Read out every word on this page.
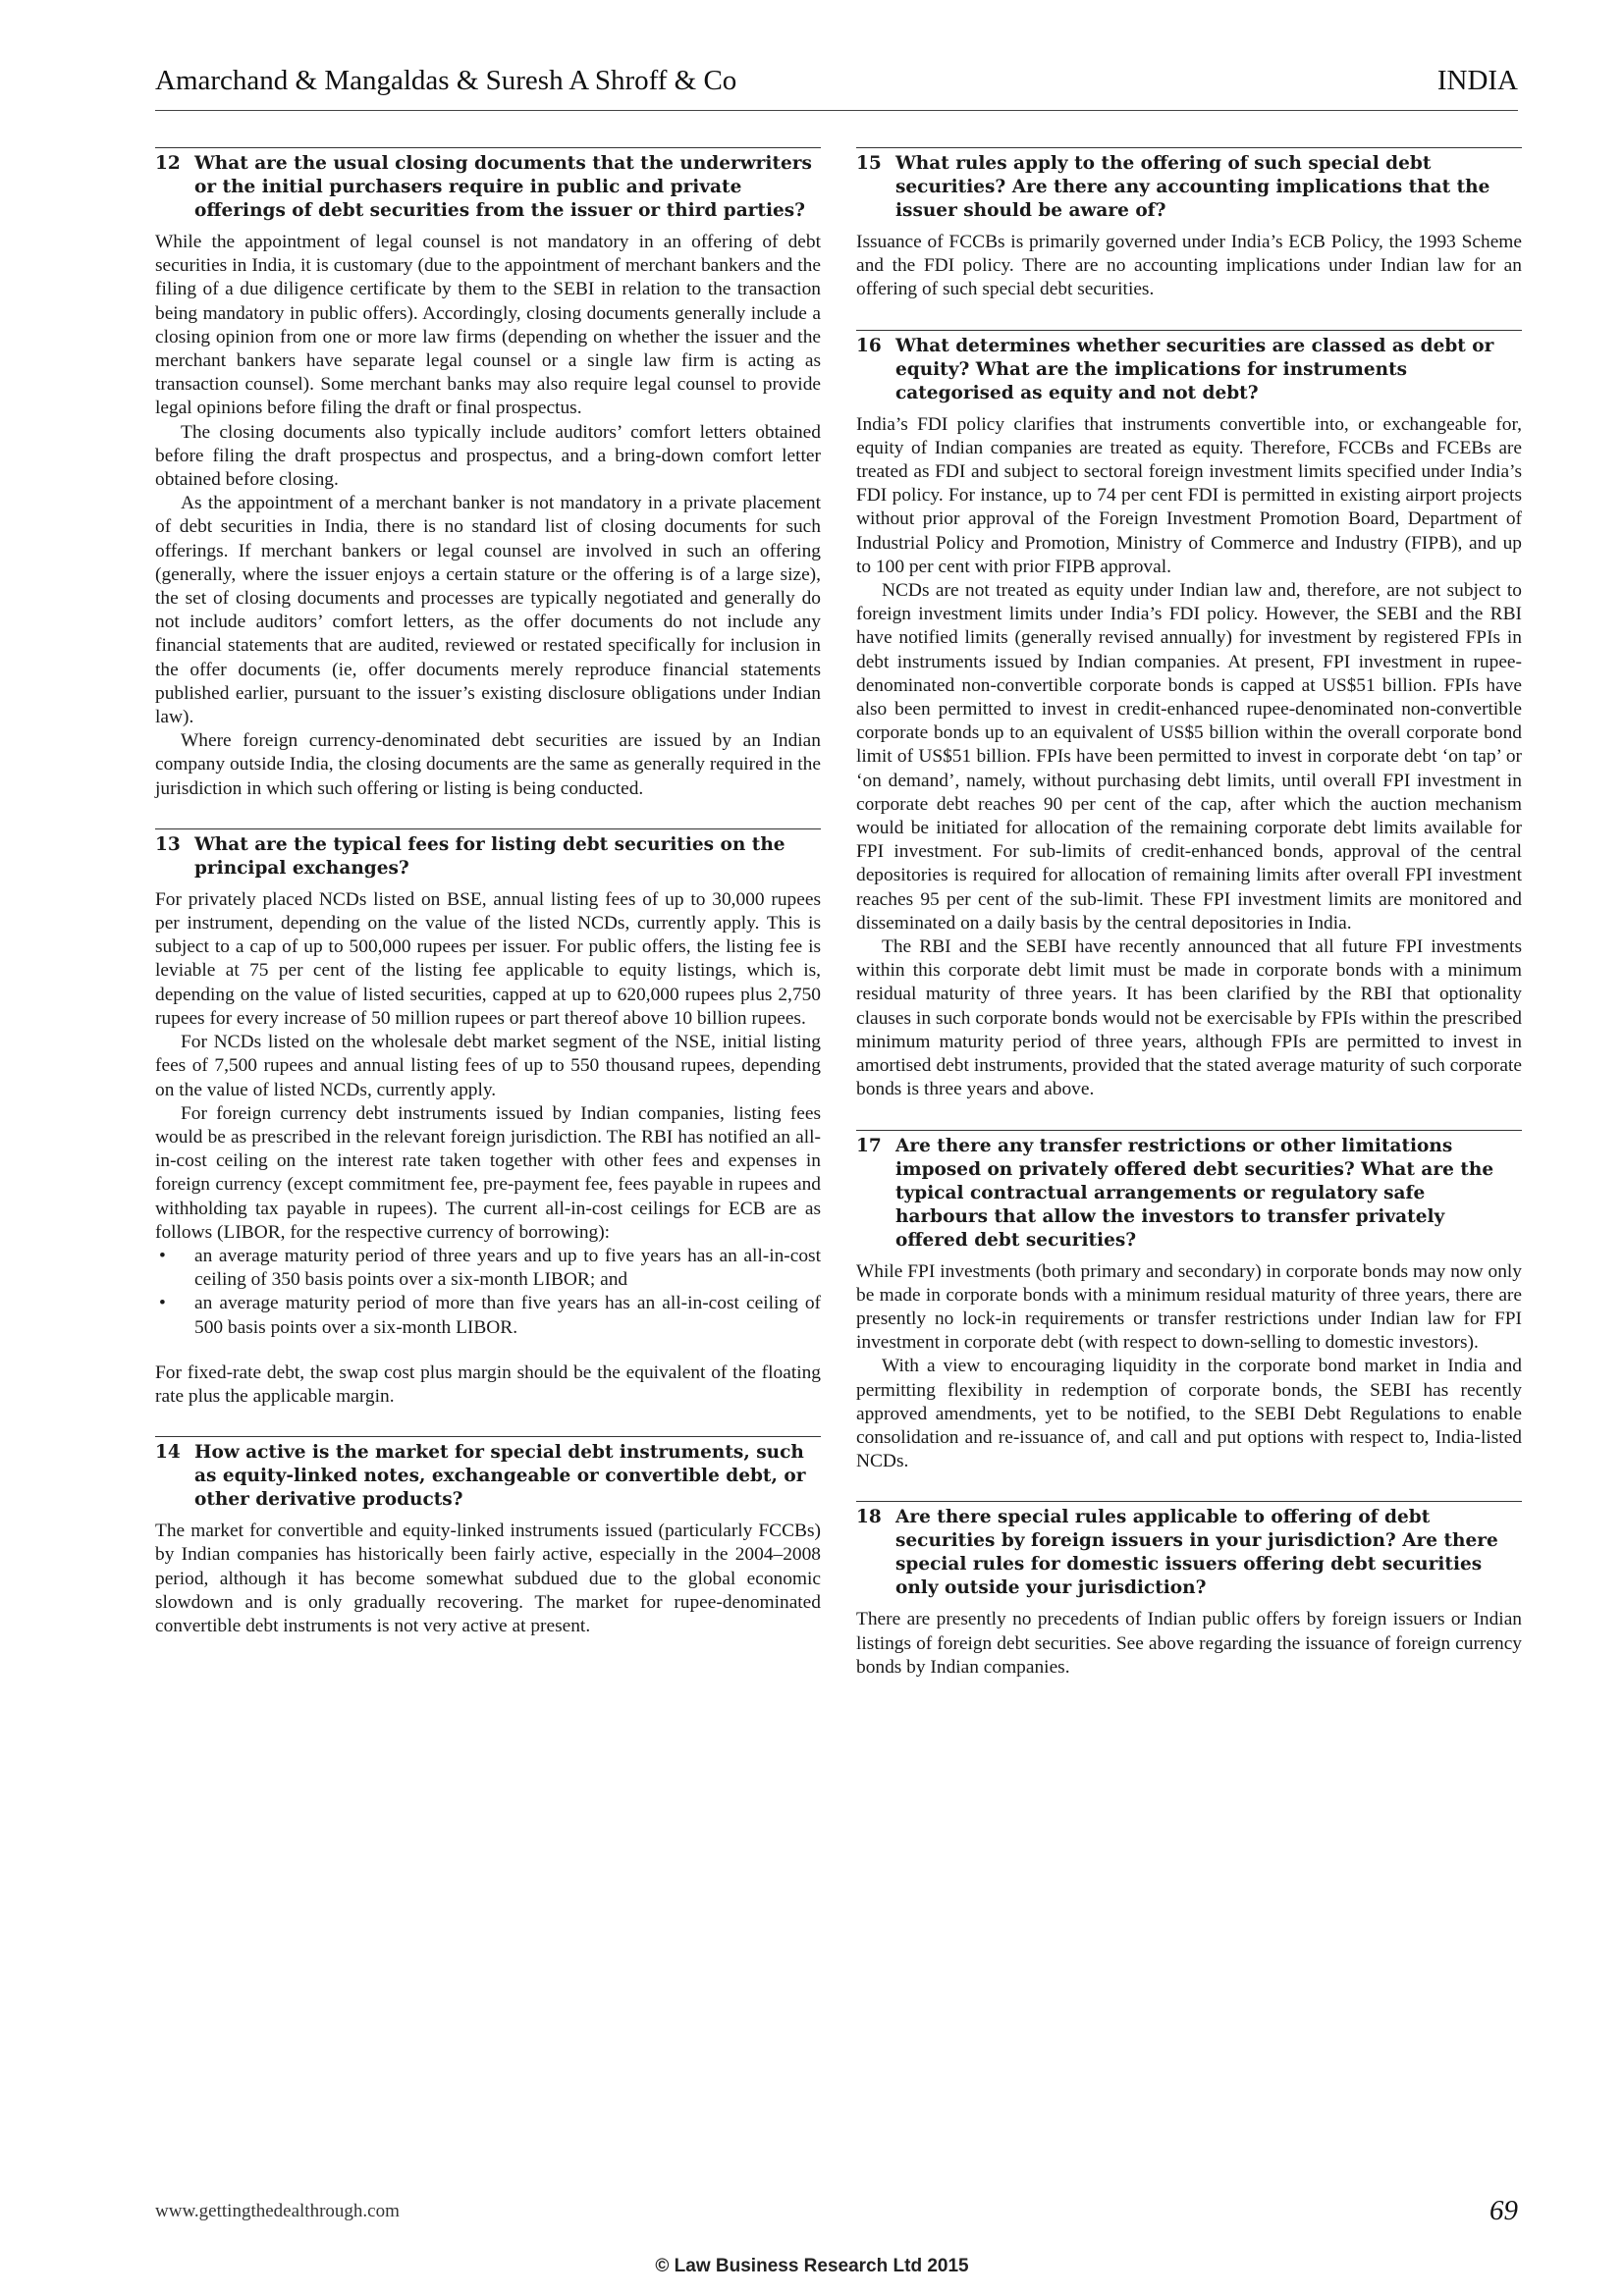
Amarchand & Mangaldas & Suresh A Shroff & Co	INDIA
12 What are the usual closing documents that the underwriters or the initial purchasers require in public and private offerings of debt securities from the issuer or third parties?

While the appointment of legal counsel is not mandatory in an offering of debt securities in India, it is customary (due to the appointment of merchant bankers and the filing of a due diligence certificate by them to the SEBI in relation to the transaction being mandatory in public offers). Accordingly, closing documents generally include a closing opinion from one or more law firms (depending on whether the issuer and the merchant bankers have separate legal counsel or a single law firm is acting as transaction counsel). Some merchant banks may also require legal counsel to provide legal opinions before filing the draft or final prospectus.

The closing documents also typically include auditors’ comfort letters obtained before filing the draft prospectus and prospectus, and a bring-down comfort letter obtained before closing.

As the appointment of a merchant banker is not mandatory in a private placement of debt securities in India, there is no standard list of closing documents for such offerings. If merchant bankers or legal counsel are involved in such an offering (generally, where the issuer enjoys a certain stature or the offering is of a large size), the set of closing documents and processes are typically negotiated and generally do not include auditors’ comfort letters, as the offer documents do not include any financial statements that are audited, reviewed or restated specifically for inclusion in the offer documents (ie, offer documents merely reproduce financial statements published earlier, pursuant to the issuer’s existing disclosure obligations under Indian law).

Where foreign currency-denominated debt securities are issued by an Indian company outside India, the closing documents are the same as generally required in the jurisdiction in which such offering or listing is being conducted.

13 What are the typical fees for listing debt securities on the principal exchanges?

For privately placed NCDs listed on BSE, annual listing fees of up to 30,000 rupees per instrument, depending on the value of the listed NCDs, currently apply. This is subject to a cap of up to 500,000 rupees per issuer. For public offers, the listing fee is leviable at 75 per cent of the listing fee applicable to equity listings, which is, depending on the value of listed securities, capped at up to 620,000 rupees plus 2,750 rupees for every increase of 50 million rupees or part thereof above 10 billion rupees.

For NCDs listed on the wholesale debt market segment of the NSE, initial listing fees of 7,500 rupees and annual listing fees of up to 550 thousand rupees, depending on the value of listed NCDs, currently apply.

For foreign currency debt instruments issued by Indian companies, listing fees would be as prescribed in the relevant foreign jurisdiction. The RBI has notified an all-in-cost ceiling on the interest rate taken together with other fees and expenses in foreign currency (except commitment fee, pre-payment fee, fees payable in rupees and withholding tax payable in rupees). The current all-in-cost ceilings for ECB are as follows (LIBOR, for the respective currency of borrowing):

• an average maturity period of three years and up to five years has an all-in-cost ceiling of 350 basis points over a six-month LIBOR; and
• an average maturity period of more than five years has an all-in-cost ceiling of 500 basis points over a six-month LIBOR.

For fixed-rate debt, the swap cost plus margin should be the equivalent of the floating rate plus the applicable margin.

14 How active is the market for special debt instruments, such as equity-linked notes, exchangeable or convertible debt, or other derivative products?

The market for convertible and equity-linked instruments issued (particularly FCCBs) by Indian companies has historically been fairly active, especially in the 2004–2008 period, although it has become somewhat subdued due to the global economic slowdown and is only gradually recovering. The market for rupee-denominated convertible debt instruments is not very active at present.

15 What rules apply to the offering of such special debt securities? Are there any accounting implications that the issuer should be aware of?

Issuance of FCCBs is primarily governed under India’s ECB Policy, the 1993 Scheme and the FDI policy. There are no accounting implications under Indian law for an offering of such special debt securities.

16 What determines whether securities are classed as debt or equity? What are the implications for instruments categorised as equity and not debt?

India’s FDI policy clarifies that instruments convertible into, or exchangeable for, equity of Indian companies are treated as equity. Therefore, FCCBs and FCEBs are treated as FDI and subject to sectoral foreign investment limits specified under India’s FDI policy. For instance, up to 74 per cent FDI is permitted in existing airport projects without prior approval of the Foreign Investment Promotion Board, Department of Industrial Policy and Promotion, Ministry of Commerce and Industry (FIPB), and up to 100 per cent with prior FIPB approval.

NCDs are not treated as equity under Indian law and, therefore, are not subject to foreign investment limits under India’s FDI policy. However, the SEBI and the RBI have notified limits (generally revised annually) for investment by registered FPIs in debt instruments issued by Indian companies. At present, FPI investment in rupee-denominated non-convertible corporate bonds is capped at US$51 billion. FPIs have also been permitted to invest in credit-enhanced rupee-denominated non-convertible corporate bonds up to an equivalent of US$5 billion within the overall corporate bond limit of US$51 billion. FPIs have been permitted to invest in corporate debt ‘on tap’ or ‘on demand’, namely, without purchasing debt limits, until overall FPI investment in corporate debt reaches 90 per cent of the cap, after which the auction mechanism would be initiated for allocation of the remaining corporate debt limits available for FPI investment. For sub-limits of credit-enhanced bonds, approval of the central depositories is required for allocation of remaining limits after overall FPI investment reaches 95 per cent of the sub-limit. These FPI investment limits are monitored and disseminated on a daily basis by the central depositories in India.

The RBI and the SEBI have recently announced that all future FPI investments within this corporate debt limit must be made in corporate bonds with a minimum residual maturity of three years. It has been clarified by the RBI that optionality clauses in such corporate bonds would not be exercisable by FPIs within the prescribed minimum maturity period of three years, although FPIs are permitted to invest in amortised debt instruments, provided that the stated average maturity of such corporate bonds is three years and above.

17 Are there any transfer restrictions or other limitations imposed on privately offered debt securities? What are the typical contractual arrangements or regulatory safe harbours that allow the investors to transfer privately offered debt securities?

While FPI investments (both primary and secondary) in corporate bonds may now only be made in corporate bonds with a minimum residual maturity of three years, there are presently no lock-in requirements or transfer restrictions under Indian law for FPI investment in corporate debt (with respect to down-selling to domestic investors).

With a view to encouraging liquidity in the corporate bond market in India and permitting flexibility in redemption of corporate bonds, the SEBI has recently approved amendments, yet to be notified, to the SEBI Debt Regulations to enable consolidation and re-issuance of, and call and put options with respect to, India-listed NCDs.

18 Are there special rules applicable to offering of debt securities by foreign issuers in your jurisdiction? Are there special rules for domestic issuers offering debt securities only outside your jurisdiction?

There are presently no precedents of Indian public offers by foreign issuers or Indian listings of foreign debt securities. See above regarding the issuance of foreign currency bonds by Indian companies.

www.gettingthedealthrough.com	69
© Law Business Research Ltd 2015
